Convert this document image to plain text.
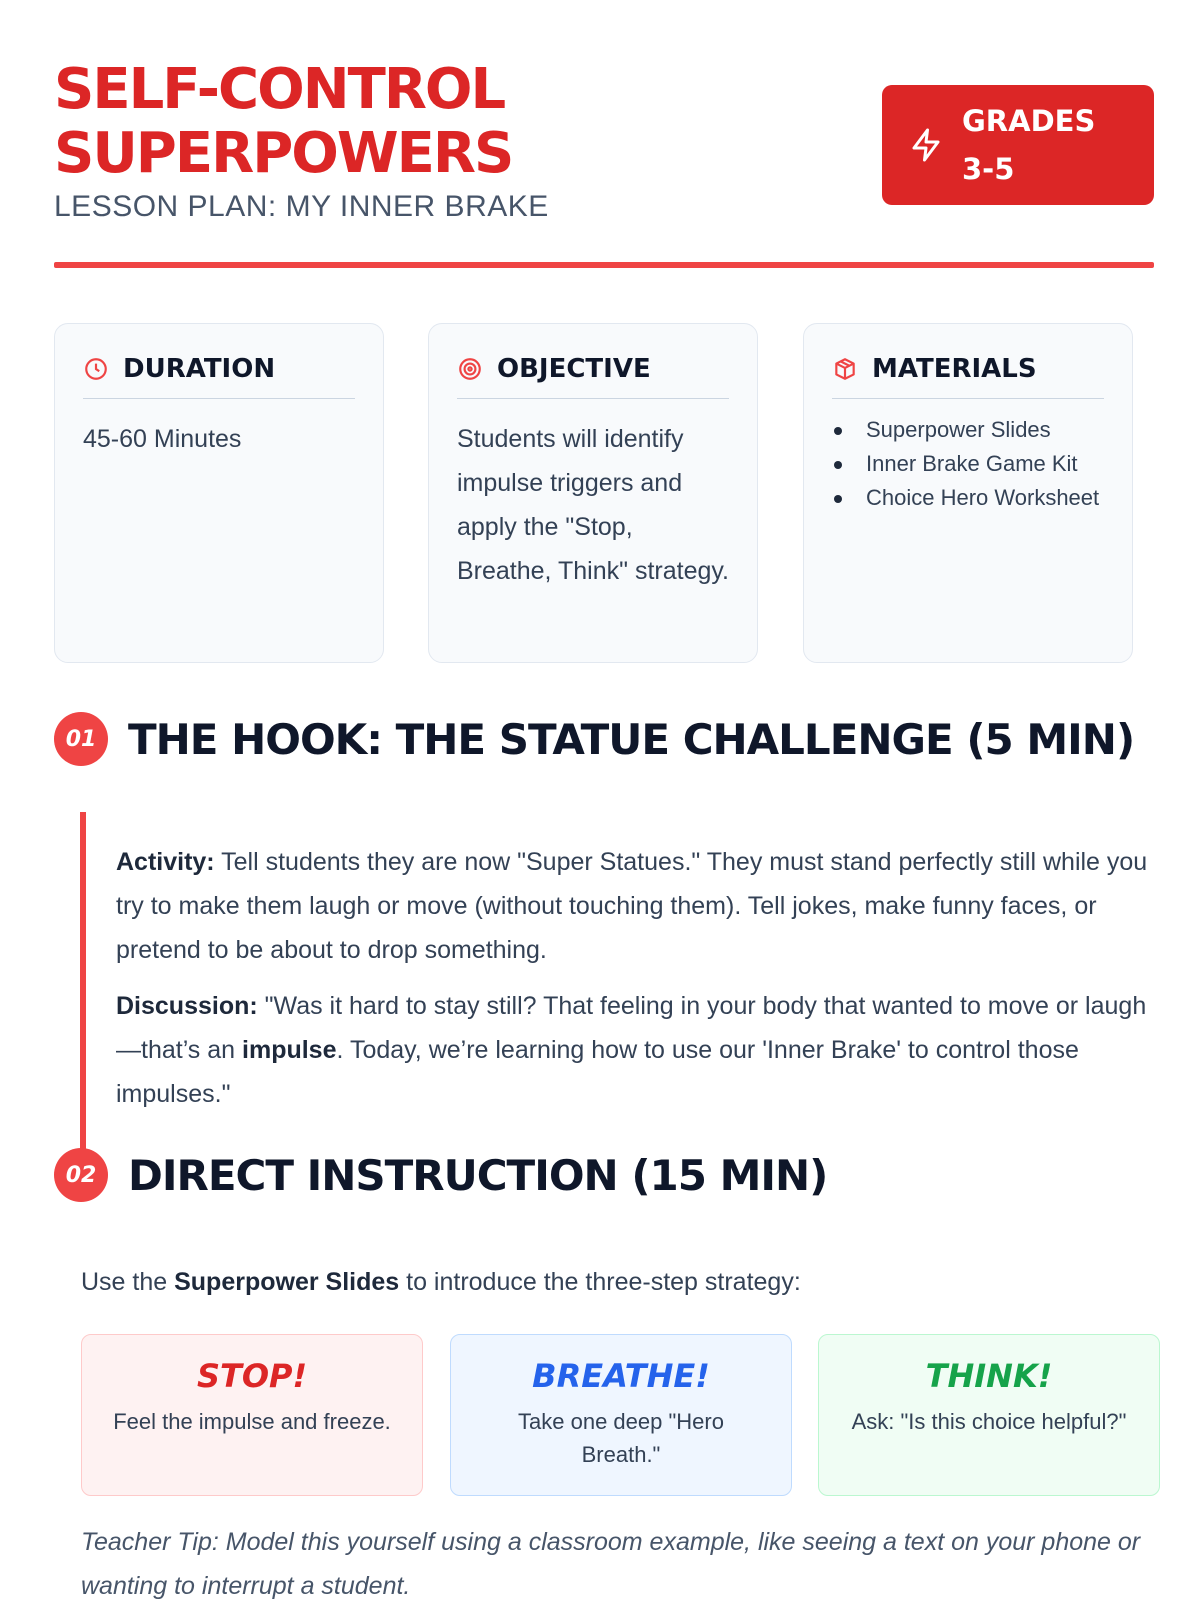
SELF-CONTROL
SUPERPOWERS
LESSON PLAN: MY INNER BRAKE
GRADES
3-5
DURATION
45-60 Minutes
OBJECTIVE
Students will identify impulse triggers and apply the "Stop, Breathe, Think" strategy.
MATERIALS
Superpower Slides
Inner Brake Game Kit
Choice Hero Worksheet
01 THE HOOK: THE STATUE CHALLENGE (5 MIN)

Activity: Tell students they are now "Super Statues." They must stand perfectly still while you try to make them laugh or move (without touching them). Tell jokes, make funny faces, or pretend to be about to drop something.

Discussion: "Was it hard to stay still? That feeling in your body that wanted to move or laugh—that’s an impulse. Today, we’re learning how to use our 'Inner Brake' to control those impulses."

02 DIRECT INSTRUCTION (15 MIN)
Use the Superpower Slides to introduce the three-step strategy:
STOP!
Feel the impulse and freeze.
BREATHE!
Take one deep "Hero Breath."
THINK!
Ask: "Is this choice helpful?"
Teacher Tip: Model this yourself using a classroom example, like seeing a text on your phone or wanting to interrupt a student.
